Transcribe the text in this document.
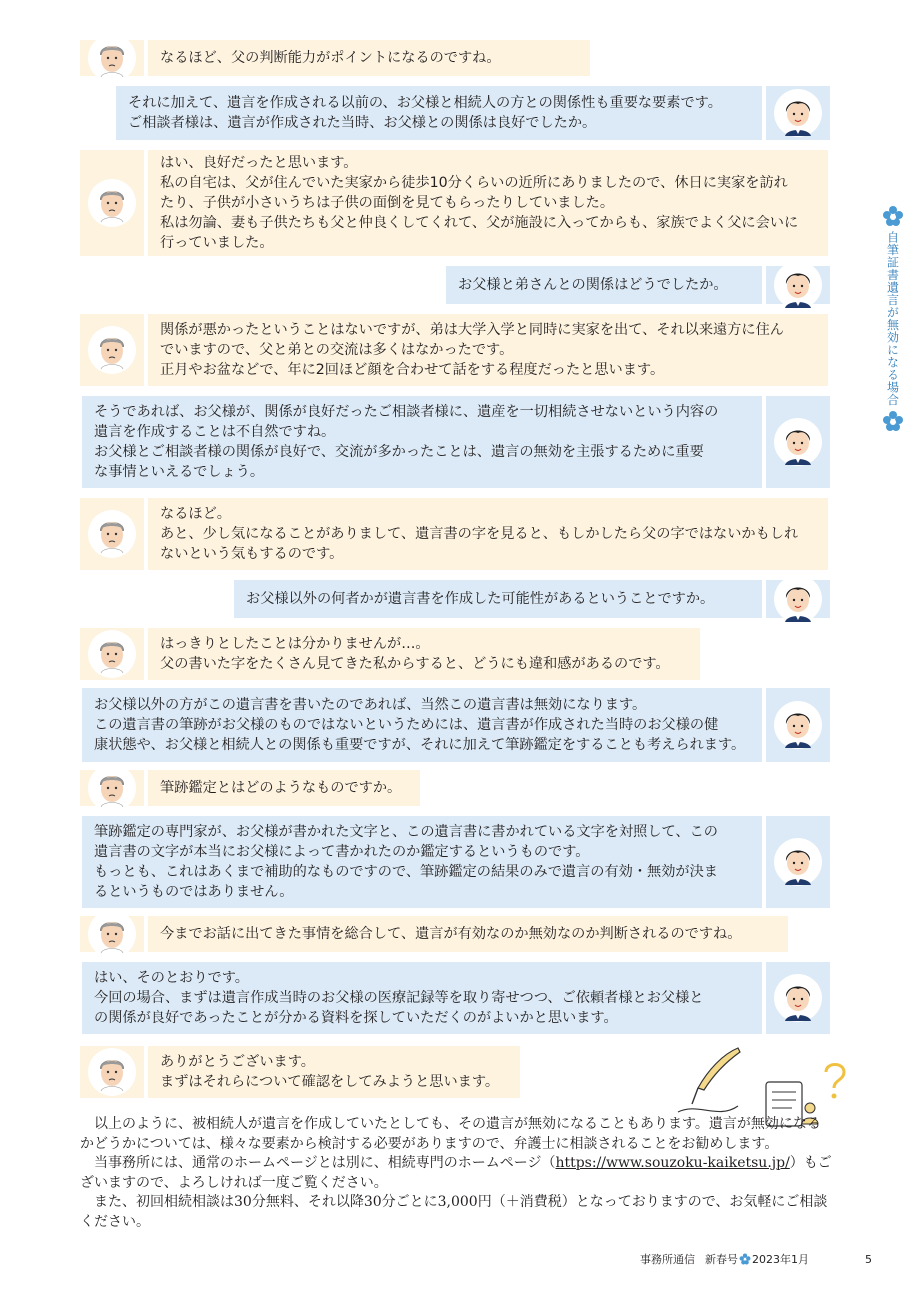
自筆証書遺言が無効になる場合
なるほど、父の判断能力がポイントになるのですね。
それに加えて、遺言を作成される以前の、お父様と相続人の方との関係性も重要な要素です。
ご相談者様は、遺言が作成された当時、お父様との関係は良好でしたか。
はい、良好だったと思います。
私の自宅は、父が住んでいた実家から徒歩10分くらいの近所にありましたので、休日に実家を訪れ
たり、子供が小さいうちは子供の面倒を見てもらったりしていました。
私は勿論、妻も子供たちも父と仲良くしてくれて、父が施設に入ってからも、家族でよく父に会いに
行っていました。
お父様と弟さんとの関係はどうでしたか。
関係が悪かったということはないですが、弟は大学入学と同時に実家を出て、それ以来遠方に住ん
でいますので、父と弟との交流は多くはなかったです。
正月やお盆などで、年に2回ほど顔を合わせて話をする程度だったと思います。
そうであれば、お父様が、関係が良好だったご相談者様に、遺産を一切相続させないという内容の
遺言を作成することは不自然ですね。
お父様とご相談者様の関係が良好で、交流が多かったことは、遺言の無効を主張するために重要
な事情といえるでしょう。
なるほど。
あと、少し気になることがありまして、遺言書の字を見ると、もしかしたら父の字ではないかもしれ
ないという気もするのです。
お父様以外の何者かが遺言書を作成した可能性があるということですか。
はっきりとしたことは分かりませんが…。
父の書いた字をたくさん見てきた私からすると、どうにも違和感があるのです。
お父様以外の方がこの遺言書を書いたのであれば、当然この遺言書は無効になります。
この遺言書の筆跡がお父様のものではないというためには、遺言書が作成された当時のお父様の健
康状態や、お父様と相続人との関係も重要ですが、それに加えて筆跡鑑定をすることも考えられます。
筆跡鑑定とはどのようなものですか。
筆跡鑑定の専門家が、お父様が書かれた文字と、この遺言書に書かれている文字を対照して、この
遺言書の文字が本当にお父様によって書かれたのか鑑定するというものです。
もっとも、これはあくまで補助的なものですので、筆跡鑑定の結果のみで遺言の有効・無効が決ま
るというものではありません。
今までお話に出てきた事情を総合して、遺言が有効なのか無効なのか判断されるのですね。
はい、そのとおりです。
今回の場合、まずは遺言作成当時のお父様の医療記録等を取り寄せつつ、ご依頼者様とお父様と
の関係が良好であったことが分かる資料を探していただくのがよいかと思います。
ありがとうございます。
まずはそれらについて確認をしてみようと思います。

以上のように、被相続人が遺言を作成していたとしても、その遺言が無効になることもあります。遺言が無効になるかどうかについては、様々な要素から検討する必要がありますので、弁護士に相談されることをお勧めします。

当事務所には、通常のホームページとは別に、相続専門のホームページ（https://www.souzoku-kaiketsu.jp/）もございますので、よろしければ一度ご覧ください。

また、初回相続相談は30分無料、それ以降30分ごとに3,000円（＋消費税）となっておりますので、お気軽にご相談ください。

事務所通信 新春号 2023年1月	5
